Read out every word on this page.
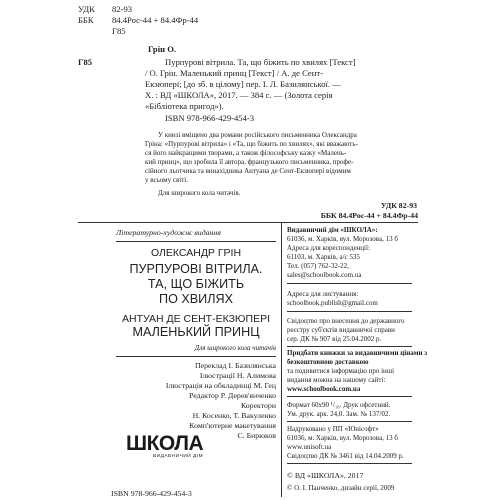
УДК 82-93
ББК 84.4Рос-44 + 84.4Фр-44
Г85
Грін О.
Г85	Пурпурові вітрила. Та, що біжить по хвилях [Текст]
/ О. Грін. Маленький принц [Текст] / А. де Сент-
Екзюпері; [до зб. в цілому] пер. І. Л. Базилянської. —
Х. : ВД «ШКОЛА», 2017. — 384 с. — (Золота серія
«Бібліотека пригод»).
ISBN 978-966-429-454-3
У книзі вміщено два романи російського письменника Олександра
Гріна: «Пурпурові вітрила» і «Та, що біжить по хвилях», які вважають-
ся його найкращими творами, а також філософську казку «Малень-
кий принц», що зробила її автора, французького письменника, профе-
сійного льотчика та винахідника Антуана де Сент-Екзюпері відомим
у всьому світі.
Для широкого кола читачів.
УДК 82-93
ББК 84.4Рос-44 + 84.4Фр-44
Літературно-художнє видання
ОЛЕКСАНДР ГРІН
ПУРПУРОВІ ВІТРИЛА.
ТА, ЩО БІЖИТЬ
ПО ХВИЛЯХ
АНТУАН ДЕ СЕНТ-ЕКЗЮПЕРІ
МАЛЕНЬКИЙ ПРИНЦ
Для широкого кола читачів
Переклад І. Базилянська
Ілюстрації Н. Алимова
Ілюстрація на обкладинці М. Гец
Редактор Р. Дерев'янченко
Коректори
Н. Косенко, Т. Вакуленко
Комп'ютерне макетування
С. Бирюков
ШКОЛА
ВИДАВНИЧИЙ ДІМ
ISBN 978-966-429-454-3
Видавничий дім «ШКОЛА»:
61036, м. Харків, вул. Морозова, 13 б
Адреса для кореспонденції:
61103, м. Харків, а/с 535
Тел. (057) 762-32-22,
sales@schoolbook.com.ua
Адреса для листування:
schoolbook.publish@gmail.com
Свідоцтво про внесення до державного
реєстру суб'єктів видавничої справи
сер. ДК № 907 від 25.04.2002 р.
Придбати книжки за видавничими цінами з
безкоштовною доставкою
та подивитися інформацію про інші
видання можна на нашому сайті:
www.schoolbook.com.ua
Формат 60x90 ¹/₁₆. Друк офсетний.
Ум. друк. арк. 24,0. Зам. № 137/02.
Надруковано у ПП «Юнісофт»
61036, м. Харків, вул. Морозова, 13 б
www.unisoft.ua
Свідоцтво ДК № 3461 від 14.04.2009 р.
© ВД «ШКОЛА», 2017
© О. І. Панченко, дизайн серії, 2009
